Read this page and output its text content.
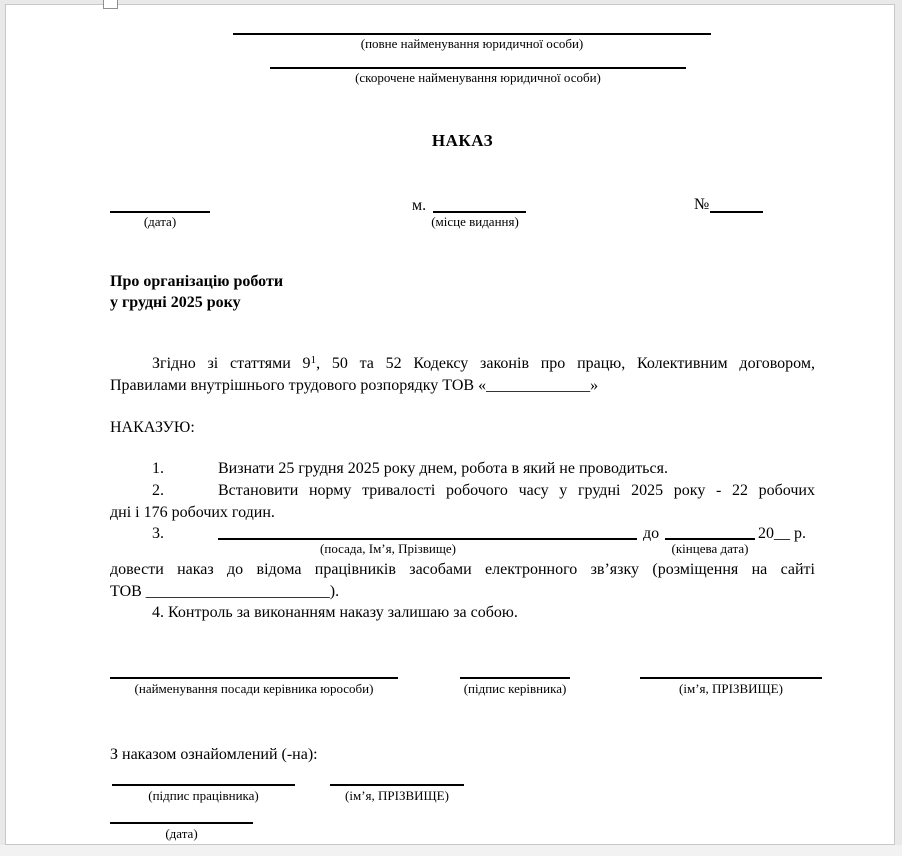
(повне найменування юридичної особи)
(скорочене найменування юридичної особи)
НАКАЗ
(дата)
м.
(місце видання)
№
Про організацію роботи
у грудні 2025 року
Згідно зі статтями $9^1$, 50 та 52 Кодексу законів про працю, Колективним договором,
Правилами внутрішнього трудового розпорядку ТОВ «_____________»
НАКАЗУЮ:
1.	Визнати 25 грудня 2025 року днем, робота в який не проводиться.
2.	Встановити норму тривалості робочого часу у грудні 2025 року - 22 робочих
дні і 176 робочих годин.
3.	до	20__ р.
(посада, Ім’я, Прізвище)	(кінцева дата)
довести наказ до відома працівників засобами електронного зв’язку (розміщення на сайті
ТОВ _______________________).
4. Контроль за виконанням наказу залишаю за собою.
(найменування посади керівника юрособи)	(підпис керівника)	(ім’я, ПРІЗВИЩЕ)
З наказом ознайомлений (-на):
(підпис працівника)	(ім’я, ПРІЗВИЩЕ)
(дата)
